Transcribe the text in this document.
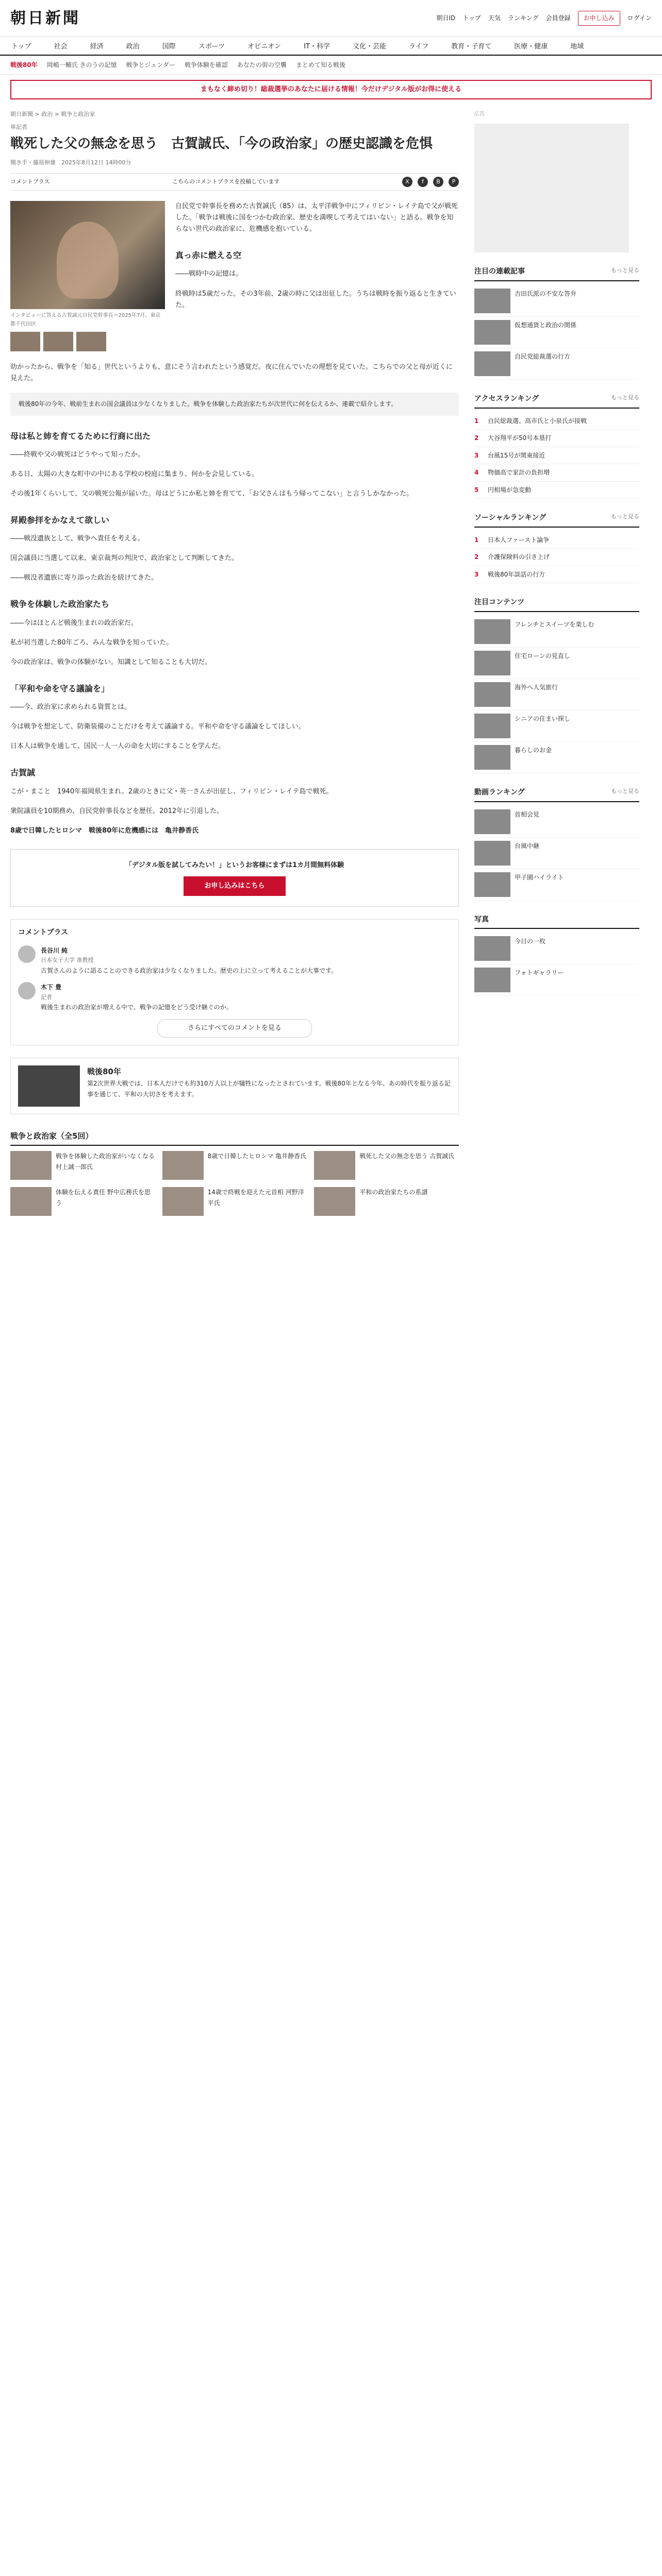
朝日新聞	朝日ID トップ 天気 ランキング 会員登録	お申し込み	ログイン
トップ	社会	経済	政治	国際	スポーツ	オピニオン	IT・科学	文化・芸能	ライフ	教育・子育て	医療・健康	地域
戦後80年 岡嶋一輔氏 きのうの記憶 戦争とジェンダー 戦争体験を確認 あなたの街の空襲 まとめて知る戦後
まもなく締め切り！総裁選挙のあなたに届ける情報！今だけデジタル版がお得に使える
朝日新聞 > 政治 > 戦争と政治家
単記者
戦死した父の無念を思う　古賀誠氏、「今の政治家」の歴史認識を危惧
聞き手・藤原伸雄　2025年8月12日 14時00分
コメントプラス	こちらのコメントプラスを投稿しています	X	f	B	P
インタビューに答える古賀誠元自民党幹事長＝2025年7月、東京都千代田区

自民党で幹事長を務めた古賀誠氏（85）は、太平洋戦争中にフィリピン・レイテ島で父が戦死した。「戦争は戦後に国をつかむ政治家、歴史を満喫して考えてはいない」と語る。戦争を知らない世代の政治家に、危機感を抱いている。

真っ赤に燃える空

――戦時中の記憶は。

終戦時は5歳だった。その3年前、2歳の時に父は出征した。うちは戦時を振り返ると生きていた。

幼かったから、戦争を「知る」世代というよりも、意にそう言われたという感覚だ。夜に住んでいたの理想を見ていた。こちらでの父と母が近くに見えた。

戦後80年の今年、戦前生まれの国会議員は少なくなりました。戦争を体験した政治家たちが次世代に何を伝えるか、連載で紹介します。
母は私と姉を育てるために行商に出た

――終戦や父の戦死はどうやって知ったか。

ある日、太陽の大きな町中の中にある学校の校庭に集まり、何かを会見している。

その後1年くらいして、父の戦死公報が届いた。母はどうにか私と姉を育てて、「お父さんはもう帰ってこない」と言うしかなかった。

昇殿参拝をかなえて欲しい

――戦没遺族として、戦争へ責任を考える。

国会議員に当選して以来、東京裁判の判決で、政治家として判断してきた。

――戦没者遺族に寄り添った政治を続けてきた。

戦争を体験した政治家たち

――今はほとんど戦後生まれの政治家だ。

私が初当選した80年ごろ、みんな戦争を知っていた。

今の政治家は、戦争の体験がない。知識として知ることも大切だ。

「平和や命を守る議論を」

――今、政治家に求められる資質とは。

今は戦争を想定して、防衛装備のことだけを考えて議論する。平和や命を守る議論をしてほしい。

日本人は戦争を通して、国民一人一人の命を大切にすることを学んだ。

古賀誠

こが・まこと　1940年福岡県生まれ。2歳のときに父・英一さんが出征し、フィリピン・レイテ島で戦死。

衆院議員を10期務め、自民党幹事長などを歴任。2012年に引退した。

8歳で日韓したヒロシマ　戦後80年に危機感には　亀井静香氏

「デジタル版を試してみたい！」というお客様にまずは1カ月間無料体験
お申し込みはこちら
コメントプラス
長谷川 純
日本女子大学 准教授
古賀さんのように語ることのできる政治家は少なくなりました。歴史の上に立って考えることが大事です。
木下 豊
記者
戦後生まれの政治家が増える中で、戦争の記憶をどう受け継ぐのか。
さらにすべてのコメントを見る
戦後80年
第2次世界大戦では、日本人だけでも約310万人以上が犠牲になったとされています。戦後80年となる今年、あの時代を振り返る記事を通じて、平和の大切さを考えます。
戦争と政治家（全5回）
戦争を体験した政治家がいなくなる 村上誠一郎氏
8歳で日韓したヒロシマ 亀井静香氏	戦死した父の無念を思う 古賀誠氏
体験を伝える責任 野中広務氏を思う
14歳で終戦を迎えた元首相 河野洋平氏
平和の政治家たちの系譜
広告
注目の連載記事	もっと見る
吉田氏派の不安な答弁
仮想通貨と政治の関係
自民党総裁選の行方
アクセスランキング	もっと見る
1	自民総裁選、高市氏と小泉氏が接戦
2	大谷翔平が50号本塁打
3	台風15号が関東接近
4	物価高で家計の負担増
5	円相場が急変動
ソーシャルランキング	もっと見る
1	日本人ファースト論争
2	介護保険料の引き上げ
3	戦後80年談話の行方
注目コンテンツ
フレンチとスイーツを楽しむ
住宅ローンの見直し
海外へ人気旅行
シニアの住まい探し
暮らしのお金
動画ランキング	もっと見る
首相会見
台風中継
甲子園ハイライト
写真
今日の一枚
フォトギャラリー
